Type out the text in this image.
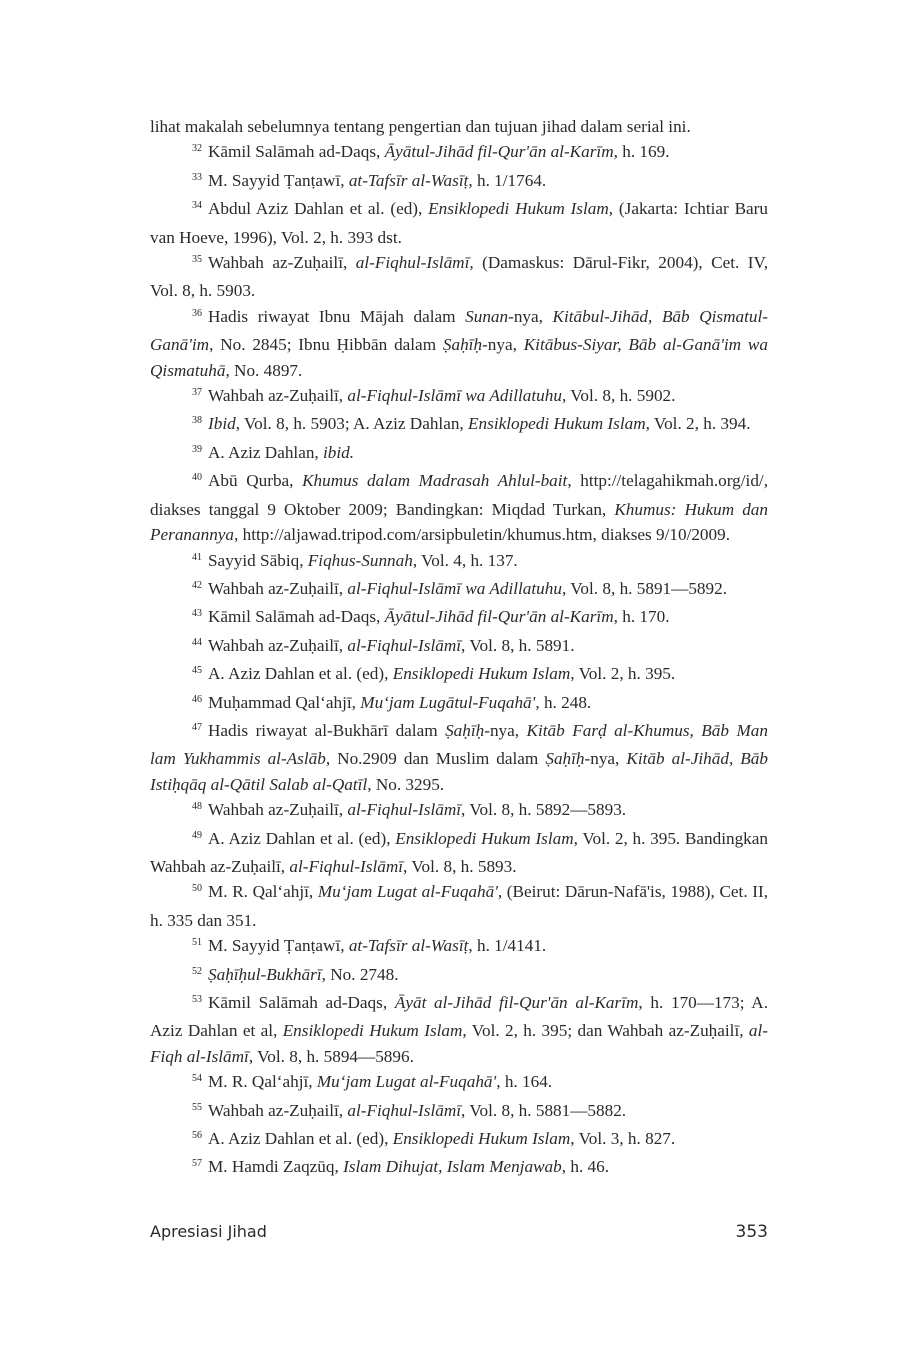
lihat makalah sebelumnya tentang pengertian dan tujuan jihad dalam serial ini.

$^{32}$ Kāmil Salāmah ad-Daqs, Āyātul-Jihād fil-Qur'ān al-Karīm, h. 169.

$^{33}$ M. Sayyid Ṭanṭawī, at-Tafsīr al-Wasīṭ, h. 1/1764.

$^{34}$ Abdul Aziz Dahlan et al. (ed), Ensiklopedi Hukum Islam, (Jakarta: Ichtiar Baru van Hoeve, 1996), Vol. 2, h. 393 dst.

$^{35}$ Wahbah az-Zuḥailī, al-Fiqhul-Islāmī, (Damaskus: Dārul-Fikr, 2004), Cet. IV, Vol. 8, h. 5903.

$^{36}$ Hadis riwayat Ibnu Mājah dalam Sunan-nya, Kitābul-Jihād, Bāb Qismatul-Ganā'im, No. 2845; Ibnu Ḥibbān dalam Ṣaḥīḥ-nya, Kitābus-Siyar, Bāb al-Ganā'im wa Qismatuhā, No. 4897.

$^{37}$ Wahbah az-Zuḥailī, al-Fiqhul-Islāmī wa Adillatuhu, Vol. 8, h. 5902.

$^{38}$ Ibid, Vol. 8, h. 5903; A. Aziz Dahlan, Ensiklopedi Hukum Islam, Vol. 2, h. 394.

$^{39}$ A. Aziz Dahlan, ibid.

$^{40}$ Abū Qurba, Khumus dalam Madrasah Ahlul-bait, http://telagahikmah.org/id/, diakses tanggal 9 Oktober 2009; Bandingkan: Miqdad Turkan, Khumus: Hukum dan Peranannya, http://aljawad.tripod.com/arsipbuletin/khumus.htm, diakses 9/10/2009.

$^{41}$ Sayyid Sābiq, Fiqhus-Sunnah, Vol. 4, h. 137.

$^{42}$ Wahbah az-Zuḥailī, al-Fiqhul-Islāmī wa Adillatuhu, Vol. 8, h. 5891—5892.

$^{43}$ Kāmil Salāmah ad-Daqs, Āyātul-Jihād fil-Qur'ān al-Karīm, h. 170.

$^{44}$ Wahbah az-Zuḥailī, al-Fiqhul-Islāmī, Vol. 8, h. 5891.

$^{45}$ A. Aziz Dahlan et al. (ed), Ensiklopedi Hukum Islam, Vol. 2, h. 395.

$^{46}$ Muḥammad Qal‘ahjī, Mu‘jam Lugātul-Fuqahā', h. 248.

$^{47}$ Hadis riwayat al-Bukhārī dalam Ṣaḥīḥ-nya, Kitāb Farḍ al-Khumus, Bāb Man lam Yukhammis al-Aslāb, No.2909 dan Muslim dalam Ṣaḥīḥ-nya, Kitāb al-Jihād, Bāb Istiḥqāq al-Qātil Salab al-Qatīl, No. 3295.

$^{48}$ Wahbah az-Zuḥailī, al-Fiqhul-Islāmī, Vol. 8, h. 5892—5893.

$^{49}$ A. Aziz Dahlan et al. (ed), Ensiklopedi Hukum Islam, Vol. 2, h. 395. Bandingkan Wahbah az-Zuḥailī, al-Fiqhul-Islāmī, Vol. 8, h. 5893.

$^{50}$ M. R. Qal‘ahjī, Mu‘jam Lugat al-Fuqahā', (Beirut: Dārun-Nafā'is, 1988), Cet. II, h. 335 dan 351.

$^{51}$ M. Sayyid Ṭanṭawī, at-Tafsīr al-Wasīṭ, h. 1/4141.

$^{52}$ Ṣaḥīḥul-Bukhārī, No. 2748.

$^{53}$ Kāmil Salāmah ad-Daqs, Āyāt al-Jihād fil-Qur'ān al-Karīm, h. 170—173; A. Aziz Dahlan et al, Ensiklopedi Hukum Islam, Vol. 2, h. 395; dan Wahbah az-Zuḥailī, al-Fiqh al-Islāmī, Vol. 8, h. 5894—5896.

$^{54}$ M. R. Qal‘ahjī, Mu‘jam Lugat al-Fuqahā', h. 164.

$^{55}$ Wahbah az-Zuḥailī, al-Fiqhul-Islāmī, Vol. 8, h. 5881—5882.

$^{56}$ A. Aziz Dahlan et al. (ed), Ensiklopedi Hukum Islam, Vol. 3, h. 827.

$^{57}$ M. Hamdi Zaqzūq, Islam Dihujat, Islam Menjawab, h. 46.

Apresiasi Jihad	353
